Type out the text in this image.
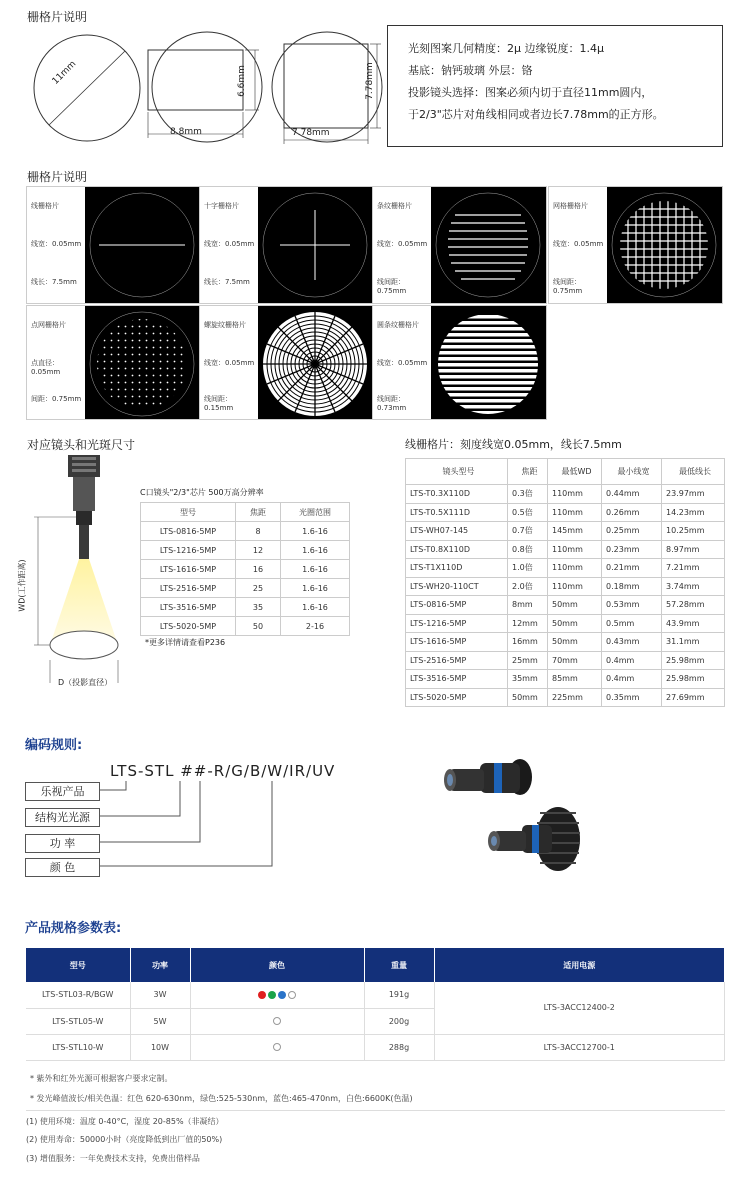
栅格片说明
11mm	6.6mm
8.8mm	7.78mm
7.78mm
光刻图案几何精度：2μ 边缘锐度：1.4μ
基底：钠钙玻璃 外层：铬
投影镜头选择：图案必须内切于直径11mm圆内，
于2/3"芯片对角线相同或者边长7.78mm的正方形。
栅格片说明
线栅格片
线宽：0.05mm
线长：7.5mm
十字栅格片
线宽：0.05mm
线长：7.5mm
条纹栅格片
线宽：0.05mm
线间距：0.75mm
网格栅格片
线宽：0.05mm
线间距：0.75mm
点网栅格片
点直径：0.05mm
间距：0.75mm
螺旋纹栅格片
线宽：0.05mm
线间距：0.15mm
圆条纹栅格片
线宽：0.05mm
线间距：0.73mm
对应镜头和光斑尺寸
WD(工作距离)
D（投影直径）
C口镜头"2/3"芯片 500万高分辨率
型号	焦距	光圈范围
LTS-0816-5MP	8	1.6-16
LTS-1216-5MP	12	1.6-16
LTS-1616-5MP	16	1.6-16
LTS-2516-5MP	25	1.6-16
LTS-3516-5MP	35	1.6-16
LTS-5020-5MP	50	2-16
*更多详情请查看P236
线栅格片：刻度线宽0.05mm，线长7.5mm
镜头型号	焦距	最低WD	最小线宽	最低线长
LTS-T0.3X110D	0.3倍	110mm	0.44mm	23.97mm
LTS-T0.5X111D	0.5倍	110mm	0.26mm	14.23mm
LTS-WH07-145	0.7倍	145mm	0.25mm	10.25mm
LTS-T0.8X110D	0.8倍	110mm	0.23mm	8.97mm
LTS-T1X110D	1.0倍	110mm	0.21mm	7.21mm
LTS-WH20-110CT	2.0倍	110mm	0.18mm	3.74mm
LTS-0816-5MP	8mm	50mm	0.53mm	57.28mm
LTS-1216-5MP	12mm	50mm	0.5mm	43.9mm
LTS-1616-5MP	16mm	50mm	0.43mm	31.1mm
LTS-2516-5MP	25mm	70mm	0.4mm	25.98mm
LTS-3516-5MP	35mm	85mm	0.4mm	25.98mm
LTS-5020-5MP	50mm	225mm	0.35mm	27.69mm
编码规则:
LTS-STL ##-R/G/B/W/IR/UV
乐视产品
结构光光源
功 率
颜 色
产品规格参数表:
型号	功率	颜色	重量	适用电源
LTS-STL03-R/BGW	3W		191g	LTS-3ACC12400-2
LTS-STL05-W	5W		200g	
LTS-STL10-W	10W		288g	LTS-3ACC12700-1
* 紫外和红外光源可根据客户要求定制。
* 发光峰值波长/相关色温：红色 620-630nm，绿色:525-530nm，蓝色:465-470nm，白色:6600K(色温)
(1) 使用环境：温度 0-40°C，湿度 20-85%（非凝结）
(2) 使用寿命：50000小时（亮度降低到出厂值的50%)
(3) 增值服务：一年免费技术支持，免费出借样品
